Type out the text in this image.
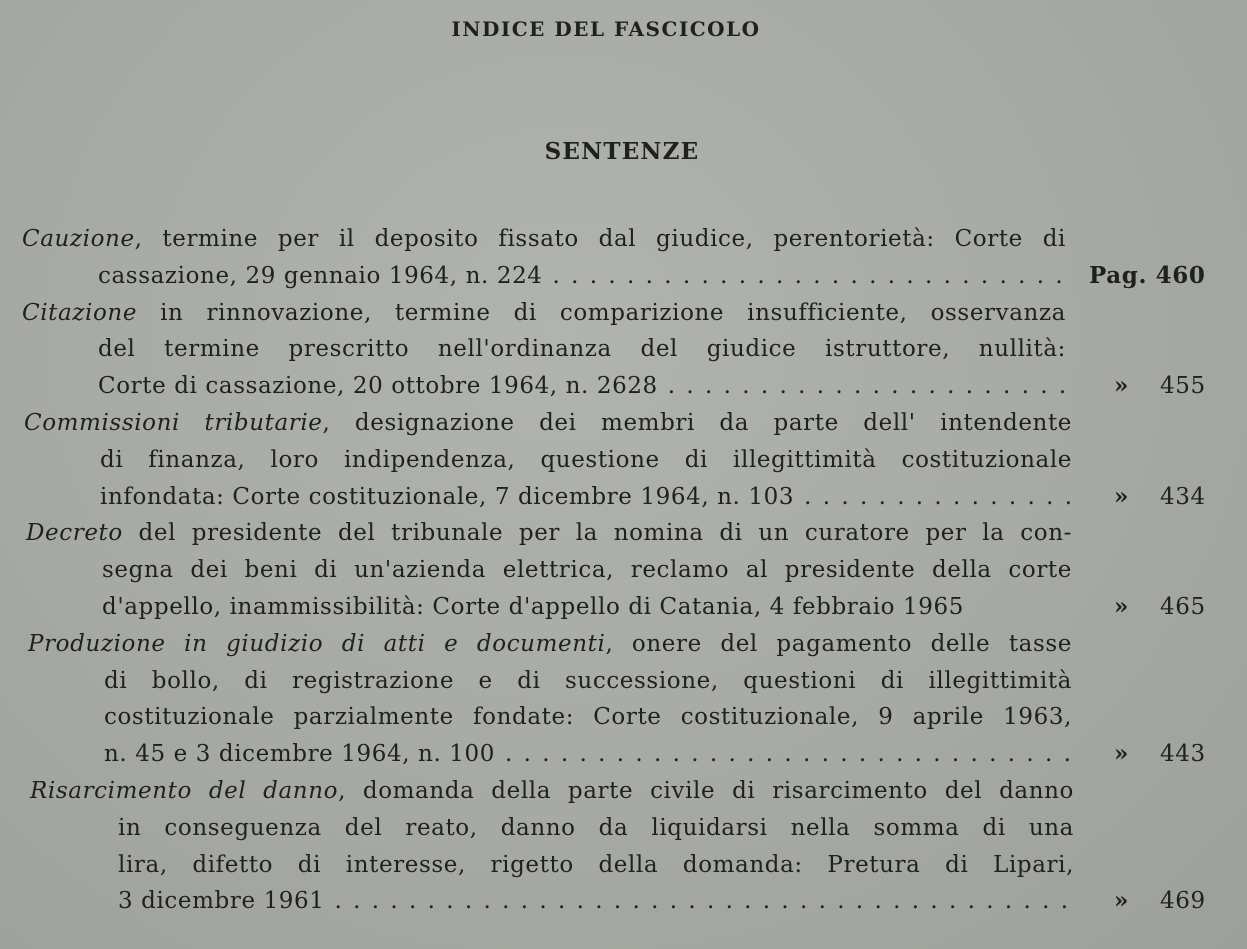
INDICE DEL FASCICOLO
SENTENZE
Cauzione, termine per il deposito fissato dal giudice, perentorietà: Corte di
cassazione, 29 gennaio 1964, n. 224 . . .	Pag. 460
Citazione in rinnovazione, termine di comparizione insufficiente, osservanza
del termine prescritto nell'ordinanza del giudice istruttore, nullità:
Corte di cassazione, 20 ottobre 1964, n. 2628 . . .	» 455
Commissioni tributarie, designazione dei membri da parte dell' intendente
di finanza, loro indipendenza, questione di illegittimità costituzionale
infondata: Corte costituzionale, 7 dicembre 1964, n. 103 . . .	» 434
Decreto del presidente del tribunale per la nomina di un curatore per la con-
segna dei beni di un'azienda elettrica, reclamo al presidente della corte
d'appello, inammissibilità: Corte d'appello di Catania, 4 febbraio 1965	» 465
Produzione in giudizio di atti e documenti, onere del pagamento delle tasse
di bollo, di registrazione e di successione, questioni di illegittimità
costituzionale parzialmente fondate: Corte costituzionale, 9 aprile 1963,
n. 45 e 3 dicembre 1964, n. 100 . . .	» 443
Risarcimento del danno, domanda della parte civile di risarcimento del danno
in conseguenza del reato, danno da liquidarsi nella somma di una
lira, difetto di interesse, rigetto della domanda: Pretura di Lipari,
3 dicembre 1961 . . .	» 469
